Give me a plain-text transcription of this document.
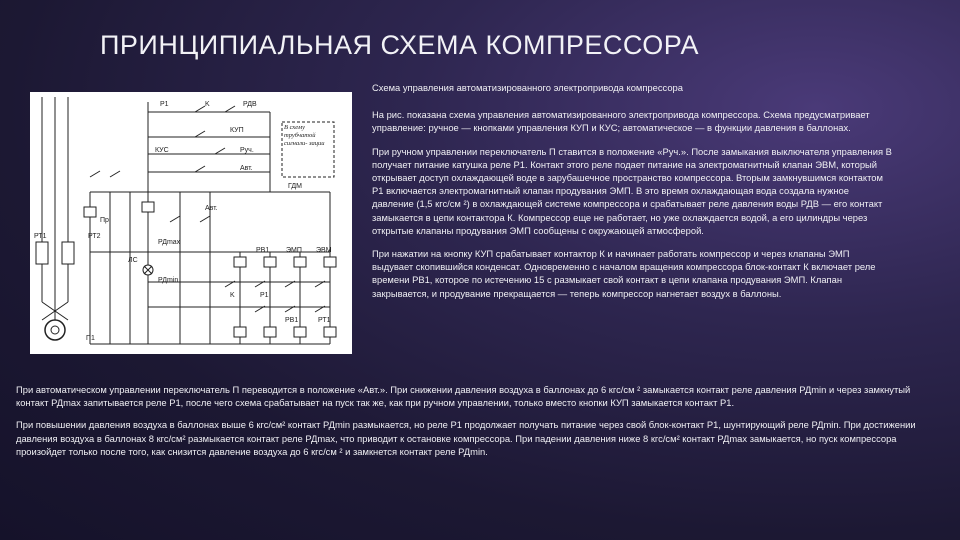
ПРИНЦИПИАЛЬНАЯ СХЕМА КОМПРЕССОРА
P1	K	РДВ
КУП
КУС	Руч.
Авт.
ГДМ
Пр
РДmax
РДmin
РТ1	РТ2
РВ1 ЭМП ЭВМ
ЛС
П1
K	Р1
РВ1	РТ1
Авт.
В схему трубчатой сигнали- зации

Схема управления автоматизированного электропривода компрессора

На рис. показана схема управления автоматизированного электропривода компрессора. Схема предусматривает управление: ручное — кнопками управления КУП и КУС; автоматическое — в функции давления в баллонах.

При ручном управлении переключатель П ставится в положение «Руч.». После замыкания выключателя управления В получает питание катушка реле Р1. Контакт этого реле подает питание на электромагнитный клапан ЭВМ, который открывает доступ охлаждающей воде в зарубашечное пространство компрессора. Вторым замкнувшимся контактом Р1 включается электромагнитный клапан продувания ЭМП. В это время охлаждающая вода создала нужное давление (1,5 кгс/см ²) в охлаждающей системе компрессора и срабатывает реле давления воды РДВ — его контакт замыкается в цепи контактора К. Компрессор еще не работает, но уже охлаждается водой, а его цилиндры через открытые клапаны продувания ЭМП сообщены с окружающей атмосферой.

При нажатии на кнопку КУП срабатывает контактор К и начинает работать компрессор и через клапаны ЭМП выдувает скопившийся конденсат. Одновременно с началом вращения компрессора блок-контакт К включает реле времени РВ1, которое по истечению 15 с размыкает свой контакт в цепи клапана продувания ЭМП. Клапан закрывается, и продувание прекращается — теперь компрессор нагнетает воздух в баллоны.

При автоматическом управлении переключатель П переводится в положение «Авт.». При снижении давления воздуха в баллонах до 6 кгс/см ² замыкается контакт реле давления РДmin и через замкнутый контакт РДmax запитывается реле Р1, после чего схема срабатывает на пуск так же, как при ручном управлении, только вместо кнопки КУП замыкается контакт Р1.

При повышении давления воздуха в баллонах выше 6 кгс/см² контакт РДmin размыкается, но реле Р1 продолжает получать питание через свой блок-контакт Р1, шунтирующий реле РДmin. При достижении давления воздуха в баллонах 8 кгс/см² размыкается контакт реле РДmax, что приводит к остановке компрессора. При падении давления ниже 8 кгс/см² контакт РДmax замыкается, но пуск компрессора произойдет только после того, как снизится давление воздуха до 6 кгс/см ² и замкнется контакт реле РДmin.
